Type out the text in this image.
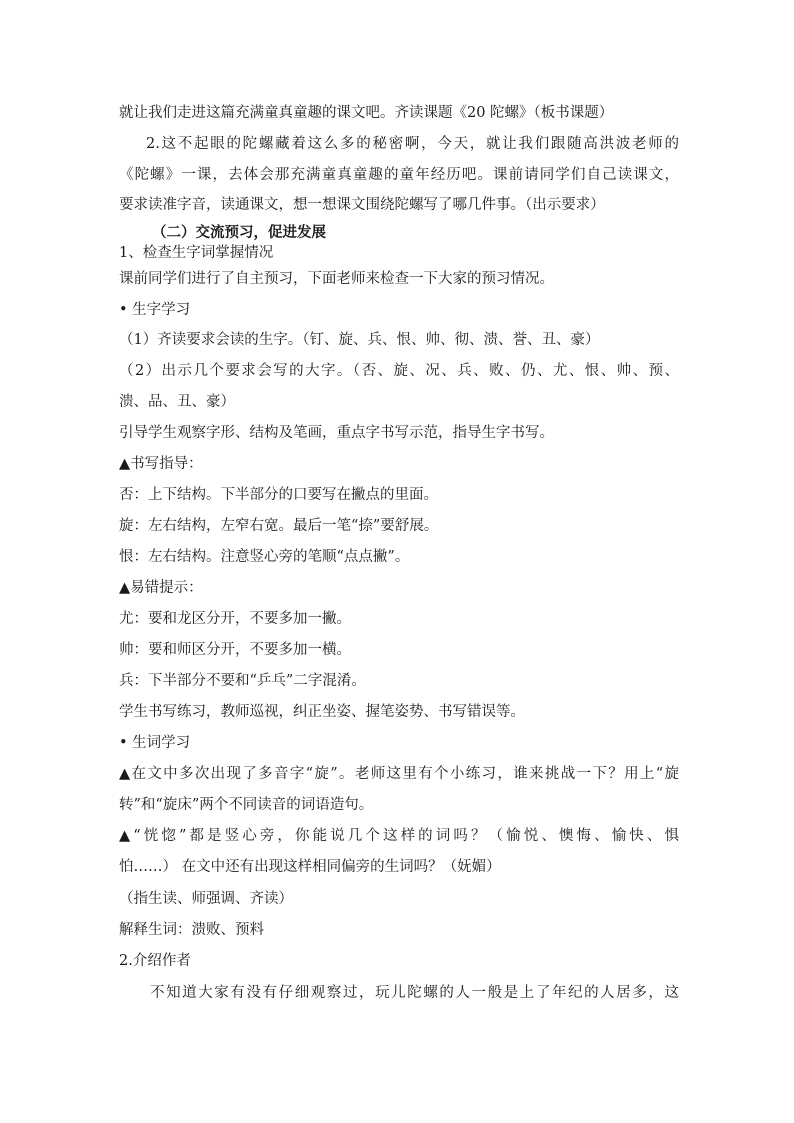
就让我们走进这篇充满童真童趣的课文吧。齐读课题《20 陀螺》（板书课题）
2.这不起眼的陀螺藏着这么多的秘密啊，今天，就让我们跟随高洪波老师的
《陀螺》一课，去体会那充满童真童趣的童年经历吧。课前请同学们自己读课文，
要求读准字音，读通课文，想一想课文围绕陀螺写了哪几件事。（出示要求）
（二）交流预习，促进发展
1、检查生字词掌握情况
课前同学们进行了自主预习，下面老师来检查一下大家的预习情况。
• 生字学习
（1）齐读要求会读的生字。（钉、旋、兵、恨、帅、彻、溃、誉、丑、豪）
（2）出示几个要求会写的大字。（否、旋、况、兵、败、仍、尤、恨、帅、预、
溃、品、丑、豪）
引导学生观察字形、结构及笔画，重点字书写示范，指导生字书写。
▲书写指导：
否：上下结构。下半部分的口要写在撇点的里面。
旋：左右结构，左窄右宽。最后一笔“捺”要舒展。
恨：左右结构。注意竖心旁的笔顺“点点撇”。
▲易错提示：
尤：要和龙区分开，不要多加一撇。
帅：要和师区分开，不要多加一横。
兵：下半部分不要和“乒乓”二字混淆。
学生书写练习，教师巡视，纠正坐姿、握笔姿势、书写错误等。
• 生词学习
▲在文中多次出现了多音字“旋”。老师这里有个小练习，谁来挑战一下？用上“旋
转”和“旋床”两个不同读音的词语造句。
▲“恍惚”都是竖心旁，你能说几个这样的词吗？（愉悦、懊悔、愉快、惧
怕……） 在文中还有出现这样相同偏旁的生词吗？（妩媚）
（指生读、师强调、齐读）
解释生词：溃败、预料
2.介绍作者
不知道大家有没有仔细观察过，玩儿陀螺的人一般是上了年纪的人居多，这
